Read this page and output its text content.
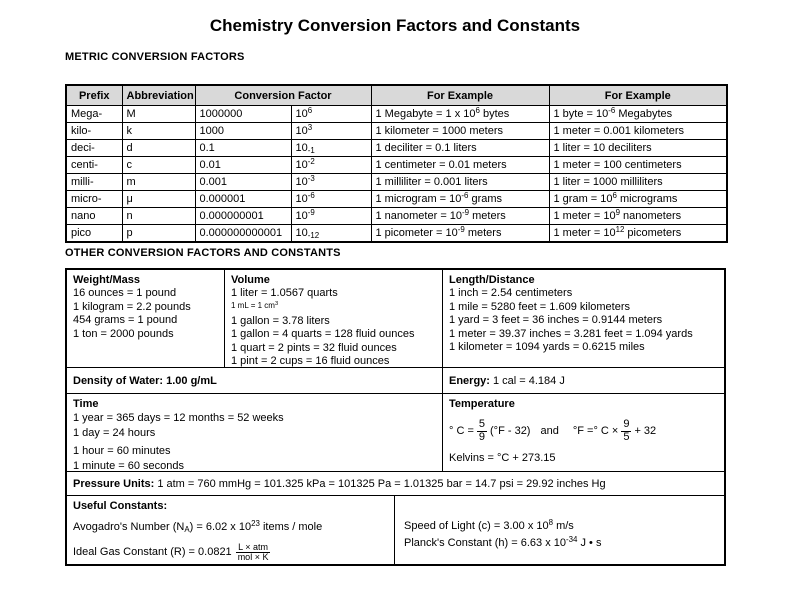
Chemistry Conversion Factors and Constants
METRIC CONVERSION FACTORS
Prefix	Abbreviation	Conversion Factor		For Example	For Example
Mega-	M	1000000	$10^6$	1 Megabyte = 1 x $10^6$ bytes	1 byte = $10^{-6}$ Megabytes
kilo-	k	1000	$10^3$	1 kilometer = 1000 meters	1 meter = 0.001 kilometers
deci-	d	0.1	$10_{-1}$	1 deciliter = 0.1 liters	1 liter = 10 deciliters
centi-	c	0.01	$10^{-2}$	1 centimeter = 0.01 meters	1 meter = 100 centimeters
milli-	m	0.001	$10^{-3}$	1 milliliter = 0.001 liters	1 liter = 1000 milliliters
micro-	μ	0.000001	$10^{-6}$	1 microgram = $10^{-6}$ grams	1 gram = $10^6$ micrograms
nano	n	0.000000001	$10^{-9}$	1 nanometer = $10^{-9}$ meters	1 meter = $10^9$ nanometers
pico	p	0.000000000001	$10_{-12}$	1 picometer = $10^{-9}$ meters	1 meter = $10^{12}$ picometers
OTHER CONVERSION FACTORS AND CONSTANTS
Weight/Mass
16 ounces = 1 pound
1 kilogram = 2.2 pounds
454 grams = 1 pound
1 ton = 2000 pounds
Volume
1 liter = 1.0567 quarts
1 mL = 1 $cm^3$
1 gallon = 3.78 liters
1 gallon = 4 quarts = 128 fluid ounces
1 quart = 2 pints = 32 fluid ounces
1 pint = 2 cups = 16 fluid ounces
Length/Distance
1 inch = 2.54 centimeters
1 mile = 5280 feet = 1.609 kilometers
1 yard = 3 feet = 36 inches = 0.9144 meters
1 meter = 39.37 inches = 3.281 feet = 1.094 yards
1 kilometer = 1094 yards = 0.6215 miles
Density of Water: 1.00 g/mL	Energy: 1 cal = 4.184 J
Time
1 year = 365 days = 12 months = 52 weeks
1 day = 24 hours
1 hour = 60 minutes
1 minute = 60 seconds
Temperature
° $C = \frac{5}{9} (^\circ F - 32)$ and °F =° $C \times \frac{9}{5} + 32$
Kelvins = °C + 273.15
Pressure Units: 1 atm = 760 mmHg = 101.325 kPa = 101325 Pa = 1.01325 bar = 14.7 psi = 29.92 inches Hg
Useful Constants:
Avogadro's Number $(N_A) = 6.02$ x $10^{23}$ items / mole
Ideal Gas Constant $(R) = 0.0821 \frac{\text{L × atm}}{\text{mol × K}}$
Speed of Light (c) = 3.00 x $10^8$ m/s
Planck's Constant (h) = 6.63 x $10^{-34}$ J • s
